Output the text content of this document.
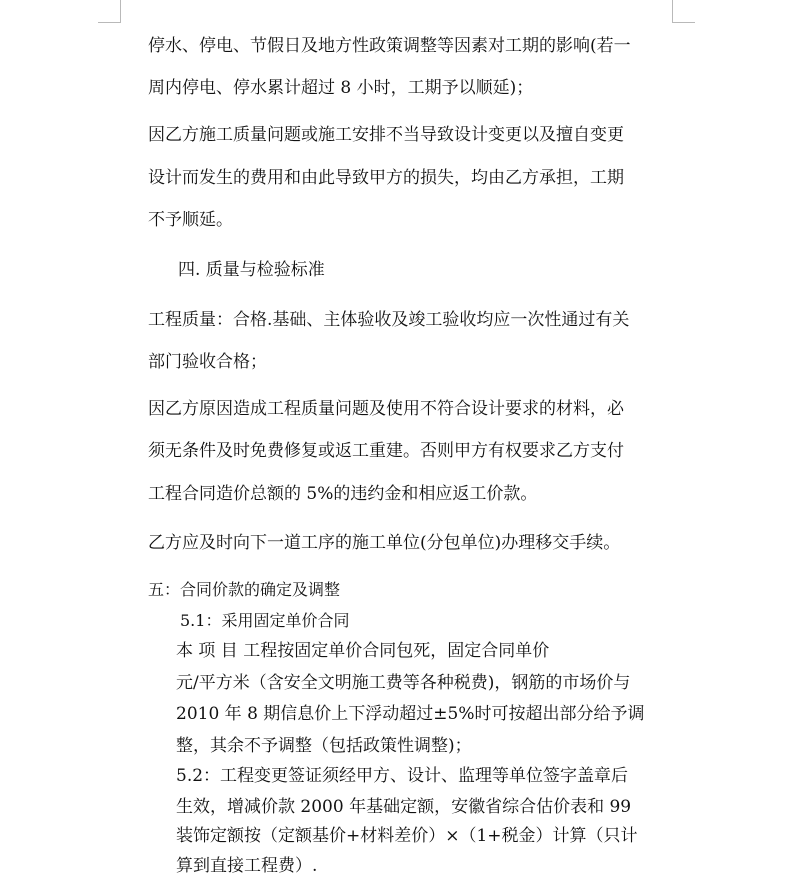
停水、停电、节假日及地方性政策调整等因素对工期的影响(若一
周内停电、停水累计超过 8 小时，工期予以顺延)；
因乙方施工质量问题或施工安排不当导致设计变更以及擅自变更
设计而发生的费用和由此导致甲方的损失，均由乙方承担，工期
不予顺延。
四. 质量与检验标准
工程质量：合格.基础、主体验收及竣工验收均应一次性通过有关
部门验收合格；
因乙方原因造成工程质量问题及使用不符合设计要求的材料，必
须无条件及时免费修复或返工重建。否则甲方有权要求乙方支付
工程合同造价总额的 5%的违约金和相应返工价款。
乙方应及时向下一道工序的施工单位(分包单位)办理移交手续。
五：合同价款的确定及调整
5.1：采用固定单价合同
本 项 目 工程按固定单价合同包死，固定合同单价
元/平方米（含安全文明施工费等各种税费)，钢筋的市场价与
2010 年 8 期信息价上下浮动超过±5%时可按超出部分给予调
整，其余不予调整（包括政策性调整)；
5.2：工程变更签证须经甲方、设计、监理等单位签字盖章后
生效，增减价款 2000 年基础定额，安徽省综合估价表和 99
装饰定额按（定额基价+材料差价）×（1+税金）计算（只计
算到直接工程费）.
